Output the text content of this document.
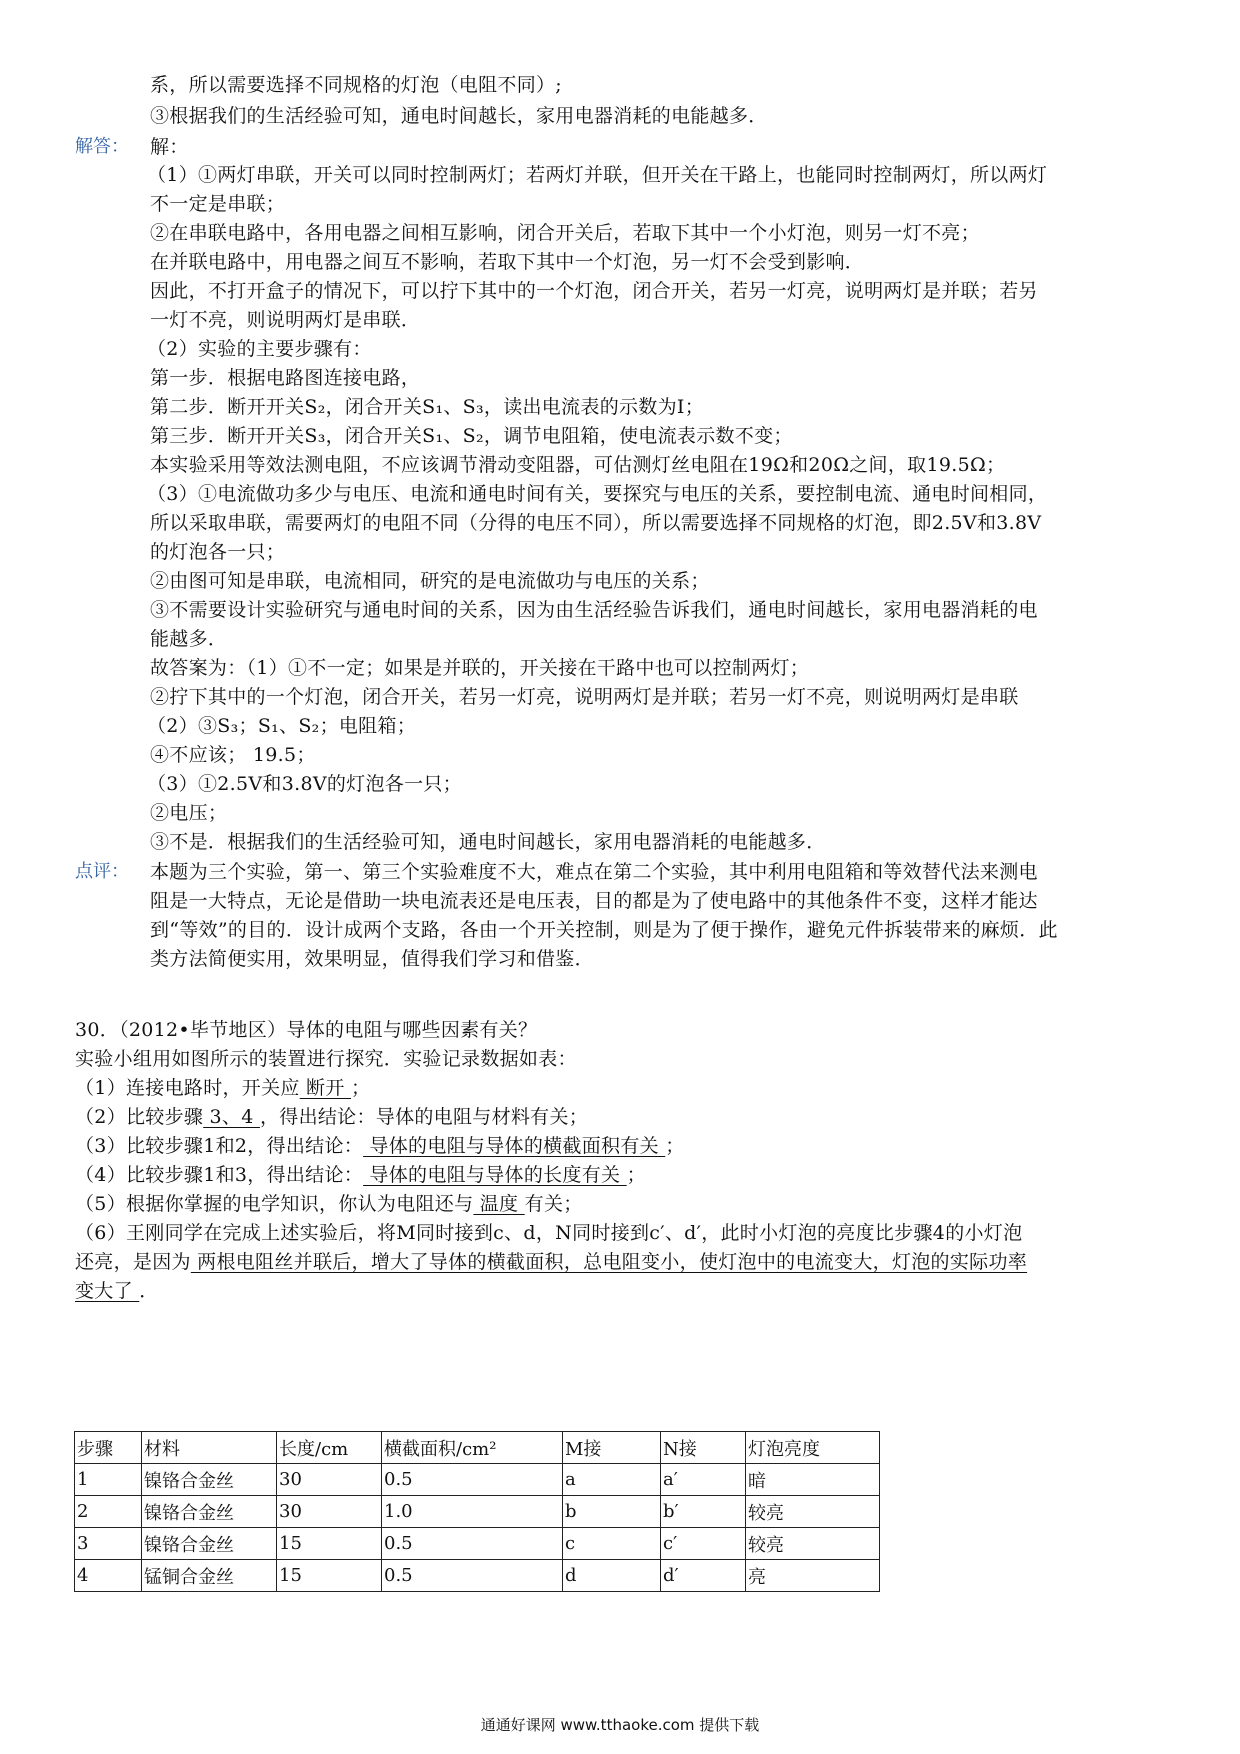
系，所以需要选择不同规格的灯泡（电阻不同）;
③根据我们的生活经验可知，通电时间越长，家用电器消耗的电能越多．
解答： 解：
（1）①两灯串联，开关可以同时控制两灯；若两灯并联，但开关在干路上，也能同时控制两灯，所以两灯
不一定是串联；
②在串联电路中，各用电器之间相互影响，闭合开关后，若取下其中一个小灯泡，则另一灯不亮；
在并联电路中，用电器之间互不影响，若取下其中一个灯泡，另一灯不会受到影响．
因此，不打开盒子的情况下，可以拧下其中的一个灯泡，闭合开关，若另一灯亮，说明两灯是并联；若另
一灯不亮，则说明两灯是串联．
（2）实验的主要步骤有：
第一步．根据电路图连接电路，
第二步．断开开关S₂，闭合开关S₁、S₃，读出电流表的示数为I；
第三步．断开开关S₃，闭合开关S₁、S₂，调节电阻箱，使电流表示数不变；
本实验采用等效法测电阻，不应该调节滑动变阻器，可估测灯丝电阻在19Ω和20Ω之间，取19.5Ω；
（3）①电流做功多少与电压、电流和通电时间有关，要探究与电压的关系，要控制电流、通电时间相同，
所以采取串联，需要两灯的电阻不同（分得的电压不同），所以需要选择不同规格的灯泡，即2.5V和3.8V
的灯泡各一只；
②由图可知是串联，电流相同，研究的是电流做功与电压的关系；
③不需要设计实验研究与通电时间的关系，因为由生活经验告诉我们，通电时间越长，家用电器消耗的电
能越多．
故答案为：（1）①不一定；如果是并联的，开关接在干路中也可以控制两灯；
②拧下其中的一个灯泡，闭合开关，若另一灯亮，说明两灯是并联；若另一灯不亮，则说明两灯是串联
（2）③S₃；S₁、S₂；电阻箱；
④不应该； 19.5；
（3）①2.5V和3.8V的灯泡各一只；
②电压；
③不是．根据我们的生活经验可知，通电时间越长，家用电器消耗的电能越多．
点评： 本题为三个实验，第一、第三个实验难度不大，难点在第二个实验，其中利用电阻箱和等效替代法来测电
阻是一大特点，无论是借助一块电流表还是电压表，目的都是为了使电路中的其他条件不变，这样才能达
到“等效”的目的．设计成两个支路，各由一个开关控制，则是为了便于操作，避免元件拆装带来的麻烦．此
类方法简便实用，效果明显，值得我们学习和借鉴．
30．（2012•毕节地区）导体的电阻与哪些因素有关？
实验小组用如图所示的装置进行探究．实验记录数据如表：
（1）连接电路时，开关应 断开 ；
（2）比较步骤 3、4 ，得出结论：导体的电阻与材料有关；
（3）比较步骤1和2，得出结论： 导体的电阻与导体的横截面积有关 ；
（4）比较步骤1和3，得出结论： 导体的电阻与导体的长度有关 ；
（5）根据你掌握的电学知识，你认为电阻还与 温度 有关；
（6）王刚同学在完成上述实验后，将M同时接到c、d，N同时接到c′、d′，此时小灯泡的亮度比步骤4的小灯泡
还亮，是因为 两根电阻丝并联后，增大了导体的横截面积，总电阻变小，使灯泡中的电流变大，灯泡的实际功率
变大了 ．
步骤	材料	长度/cm	横截面积/cm²	M接	N接	灯泡亮度
1	镍铬合金丝	30	0.5	a	a′	暗
2	镍铬合金丝	30	1.0	b	b′	较亮
3	镍铬合金丝	15	0.5	c	c′	较亮
4	锰铜合金丝	15	0.5	d	d′	亮
通通好课网 www.tthaoke.com 提供下载
